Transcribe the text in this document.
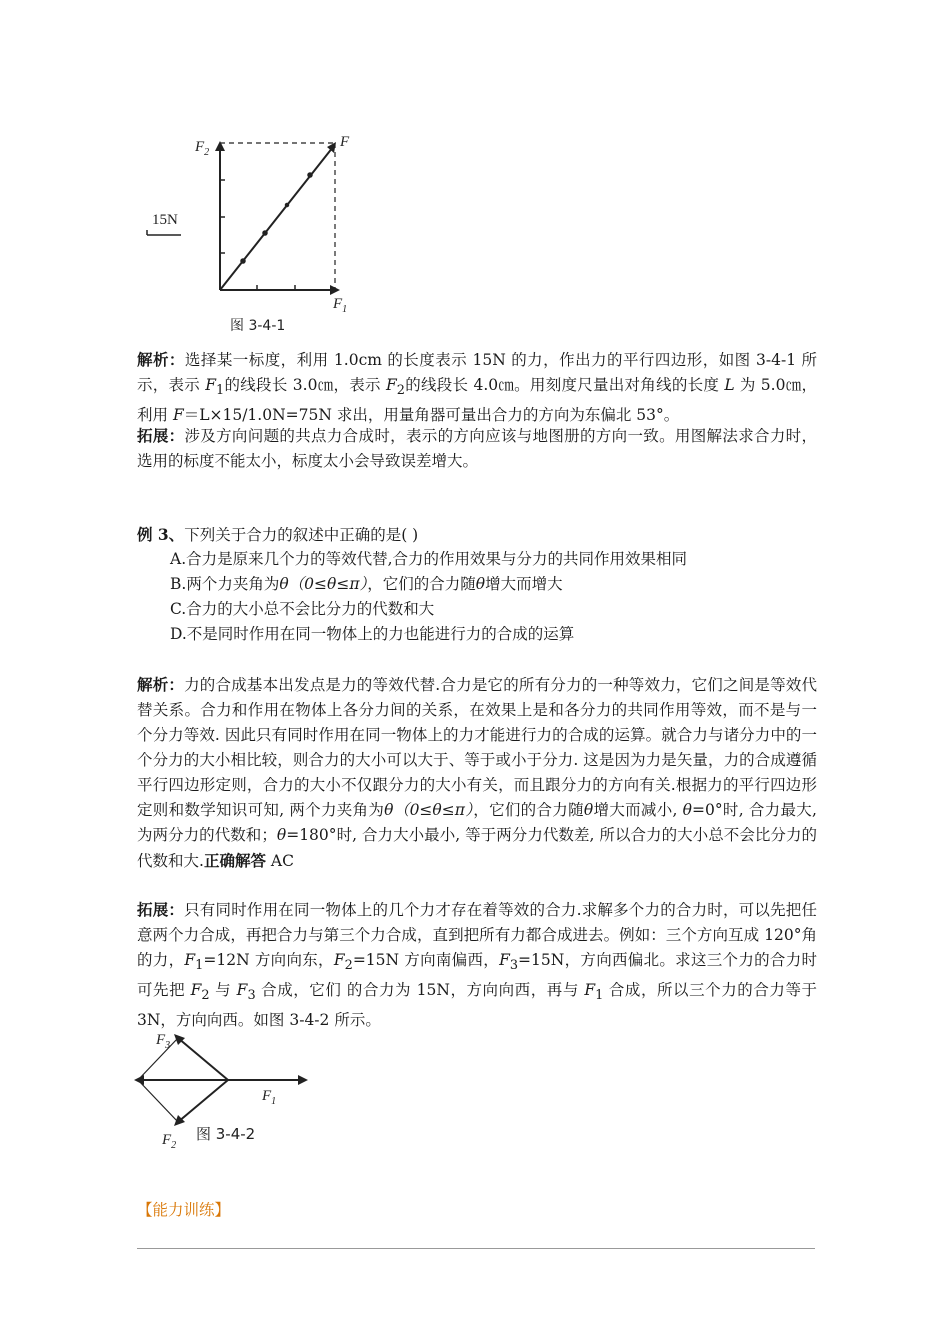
15N
$F_2$
F
$F_1$
图 3-4-1

解析：选择某一标度，利用 1.0cm 的长度表示 15N 的力，作出力的平行四边形，如图 3-4-1 所示，表示 $F_1$的线段长 3.0㎝，表示 $F_2$的线段长 4.0㎝。用刻度尺量出对角线的长度 L 为 5.0㎝，利用 F＝L×15/1.0N=75N 求出，用量角器可量出合力的方向为东偏北 53°。

拓展：涉及方向问题的共点力合成时，表示的方向应该与地图册的方向一致。用图解法求合力时，选用的标度不能太小，标度太小会导致误差增大。

例 3、下列关于合力的叙述中正确的是( )

A.合力是原来几个力的等效代替,合力的作用效果与分力的共同作用效果相同
B.两个力夹角为θ（0≤θ≤π），它们的合力随θ增大而增大
C.合力的大小总不会比分力的代数和大
D.不是同时作用在同一物体上的力也能进行力的合成的运算

解析：力的合成基本出发点是力的等效代替.合力是它的所有分力的一种等效力，它们之间是等效代替关系。合力和作用在物体上各分力间的关系，在效果上是和各分力的共同作用等效，而不是与一个分力等效. 因此只有同时作用在同一物体上的力才能进行力的合成的运算。就合力与诸分力中的一个分力的大小相比较，则合力的大小可以大于、等于或小于分力. 这是因为力是矢量，力的合成遵循平行四边形定则，合力的大小不仅跟分力的大小有关，而且跟分力的方向有关.根据力的平行四边形定则和数学知识可知, 两个力夹角为θ（0≤θ≤π），它们的合力随θ增大而减小, θ=0°时, 合力最大, 为两分力的代数和；θ=180°时, 合力大小最小, 等于两分力代数差, 所以合力的大小总不会比分力的代数和大.正确解答 AC

拓展：只有同时作用在同一物体上的几个力才存在着等效的合力.求解多个力的合力时，可以先把任意两个力合成，再把合力与第三个力合成，直到把所有力都合成进去。例如：三个方向互成 120°角的力，$F_1=12N$ 方向向东，$F_2=15N$ 方向南偏西，$F_3=15N$，方向西偏北。求这三个力的合力时可先把 $F_2$ 与 $F_3$ 合成，它们 的合力为 15N，方向向西，再与 $F_1$ 合成，所以三个力的合力等于 3N，方向向西。如图 3-4-2 所示。

$F_3$
$F_1$
$F_2$
图 3-4-2
【能力训练】
